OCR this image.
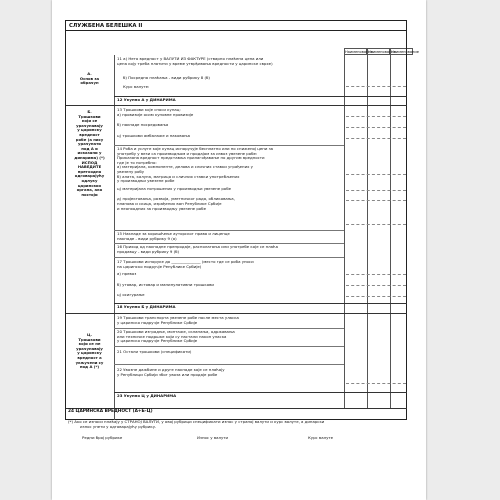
СЛУЖБЕНА БЕЛЕШКА II
Наименование
Наименование
Наименование
А.
Основ за
обрачун
Б.
Трошкови
који се
урачунавају
у царинску
вредност
робе (а нису
урачунати
под А и
исказани у
динарима) (*)
ИСПОД
НАВЕДИТЕ
претходно
одговарајућу
одлуку
царинских
органа, ако
постоји
Ц.
Трошкови
који се не
урачунавају
у царинску
вредност а
укључени су
под А (*)
11 а) Нето вредност у ВАЛУТИ ИЗ ФАКТУРЕ (стварно плаћена цена или
цена коју треба платити у време утврђивања вредности у царинске сврхе)
б) Посредна плаћања - види рубрику 8 (б)
Курс валуте:
12 Укупно А у ДИНАРИМА
13 Трошкови које сноси купац:
а) провизије осим куповне провизије
б) накнаде посредовања
ц) трошкови амбалаже и паковања
14 Роба и услуге које купац испоручује бесплатно или по сниженој цени за
употребу у вези са производњом и продајом за извоз увезене робе:
Приказана вредност представља прилагођавање по другим вредности
где је то потребно:
а) материјала, компоненте, делова и сличних ставки уграђених у
увезену робу
б) алата, калупа, матрица и сличних ставки употребљених
у производњи увезене робе
ц) материјала потрошених у производњи увезене робе
д) пројектовања, развоја, уметничког рада, обликовања,
планова и скица, израђених ван Републике Србије
и неопходних за производњу увезене робе
15 Накнаде за коришћење ауторског права и лиценце
накнаде - види рубрику 9 (а)
16 Приход од накнадне препродаје, располагања или употребе које се плаћа
продавцу - види рубрику 9 (б)
17 Трошкови испоруке до _______________ (место где се роба уноси
на царинско подручје Републике Србије)
а) превоз
б) утовар, истовар и манипулативни трошкови
ц) осигурање
18 Укупно Б у ДИНАРИМА
19 Трошкови транспорта увезене робе после места уласка
у царинско подручје Републике Србије
20 Трошкови изградње, монтаже, склапања, одржавања
или техничке подршке који су настали након уласка
у царинско подручје Републике Србије
21 Остали трошкови (спецификати)
22 Увозне дажбине и друге накнаде које се плаћају
у Републици Србији због увоза или продаје робе
23 Укупно Ц у ДИНАРИМА
24 ЦАРИНСКА ВРЕДНОСТ (А+Б-Ц)
(*) Ако се износи плаћају у СТРАНОЈ ВАЛУТИ, у овој рубрици спецификати износ у страној валути и курс валуте, а динарски
износ унети у одговарајућу рубрику.
Редни број рубрике	Износ у валути	Курс валуте
